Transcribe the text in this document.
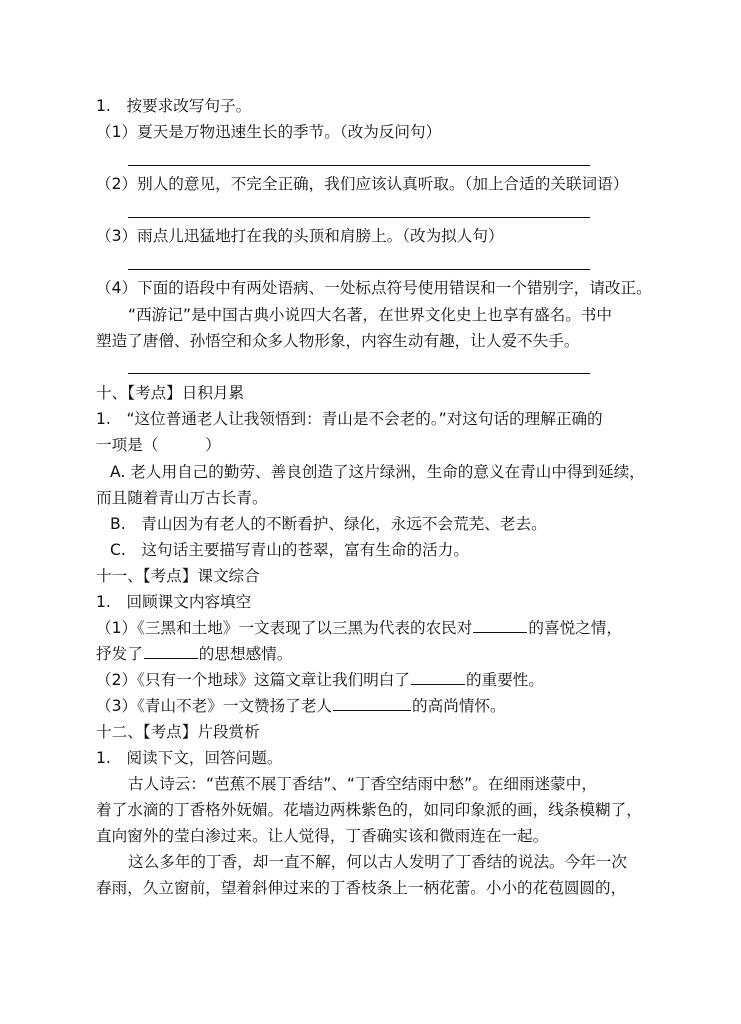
1.　按要求改写句子。
（1）夏天是万物迅速生长的季节。（改为反问句）
（2）别人的意见，不完全正确，我们应该认真听取。（加上合适的关联词语）
（3）雨点儿迅猛地打在我的头顶和肩膀上。（改为拟人句）
（4）下面的语段中有两处语病、一处标点符号使用错误和一个错别字，请改正。
“西游记”是中国古典小说四大名著，在世界文化史上也享有盛名。书中
塑造了唐僧、孙悟空和众多人物形象，内容生动有趣，让人爱不失手。
十、【考点】日积月累
1.　“这位普通老人让我领悟到：青山是不会老的。”对这句话的理解正确的
一项是（　　　）
A. 老人用自己的勤劳、善良创造了这片绿洲，生命的意义在青山中得到延续，
而且随着青山万古长青。
B.　青山因为有老人的不断看护、绿化，永远不会荒芜、老去。
C.　这句话主要描写青山的苍翠，富有生命的活力。
十一、【考点】课文综合
1.　回顾课文内容填空
（1）《三黑和土地》一文表现了以三黑为代表的农民对	的喜悦之情，
抒发了	的思想感情。
（2）《只有一个地球》这篇文章让我们明白了	的重要性。
（3）《青山不老》一文赞扬了老人	的高尚情怀。
十二、【考点】片段赏析
1.　阅读下文，回答问题。
古人诗云：“芭蕉不展丁香结”、“丁香空结雨中愁”。在细雨迷蒙中，
着了水滴的丁香格外妩媚。花墙边两株紫色的，如同印象派的画，线条模糊了，
直向窗外的莹白渗过来。让人觉得，丁香确实该和微雨连在一起。
这么多年的丁香，却一直不解，何以古人发明了丁香结的说法。今年一次
春雨，久立窗前，望着斜伸过来的丁香枝条上一柄花蕾。小小的花苞圆圆的，
